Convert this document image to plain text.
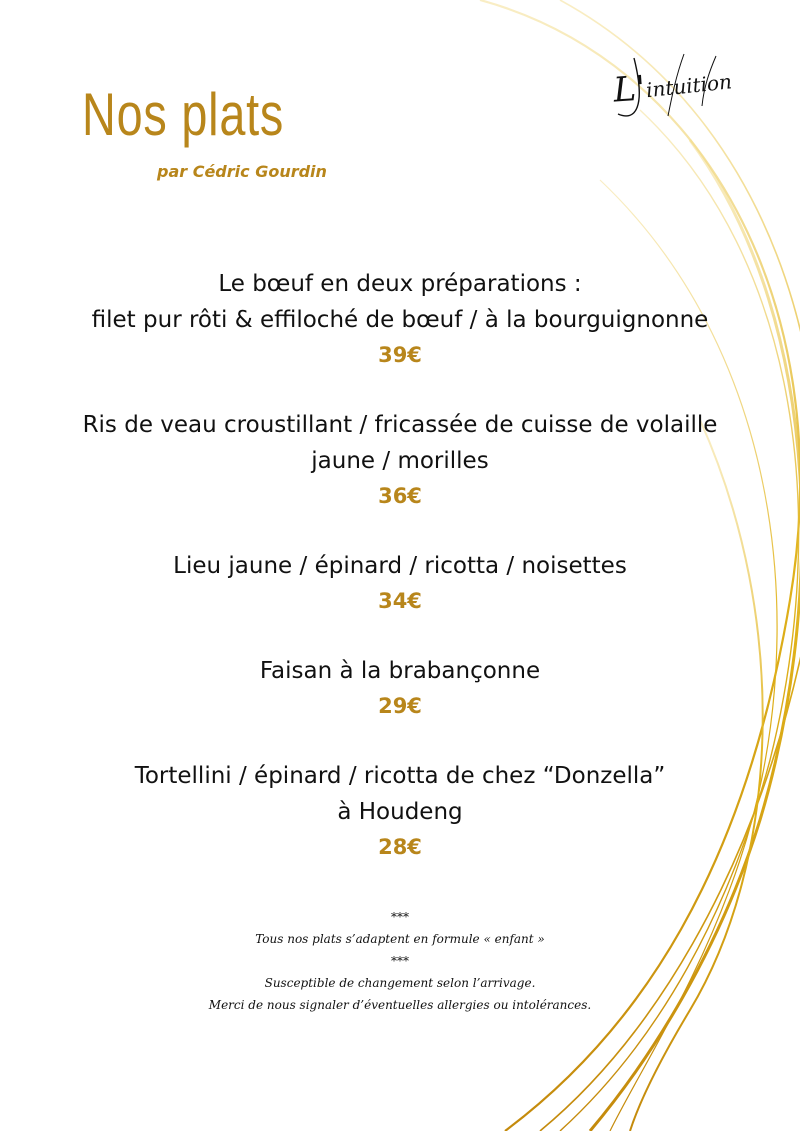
Nos plats
par Cédric Gourdin
L'
intuition
Le bœuf en deux préparations :
filet pur rôti & effiloché de bœuf / à la bourguignonne
39€
Ris de veau croustillant / fricassée de cuisse de volaille
jaune / morilles
36€
Lieu jaune / épinard / ricotta / noisettes
34€
Faisan à la brabançonne
29€
Tortellini / épinard / ricotta de chez “Donzella”
à Houdeng
28€
***
Tous nos plats s’adaptent en formule « enfant »
***
Susceptible de changement selon l’arrivage.
Merci de nous signaler d’éventuelles allergies ou intolérances.
